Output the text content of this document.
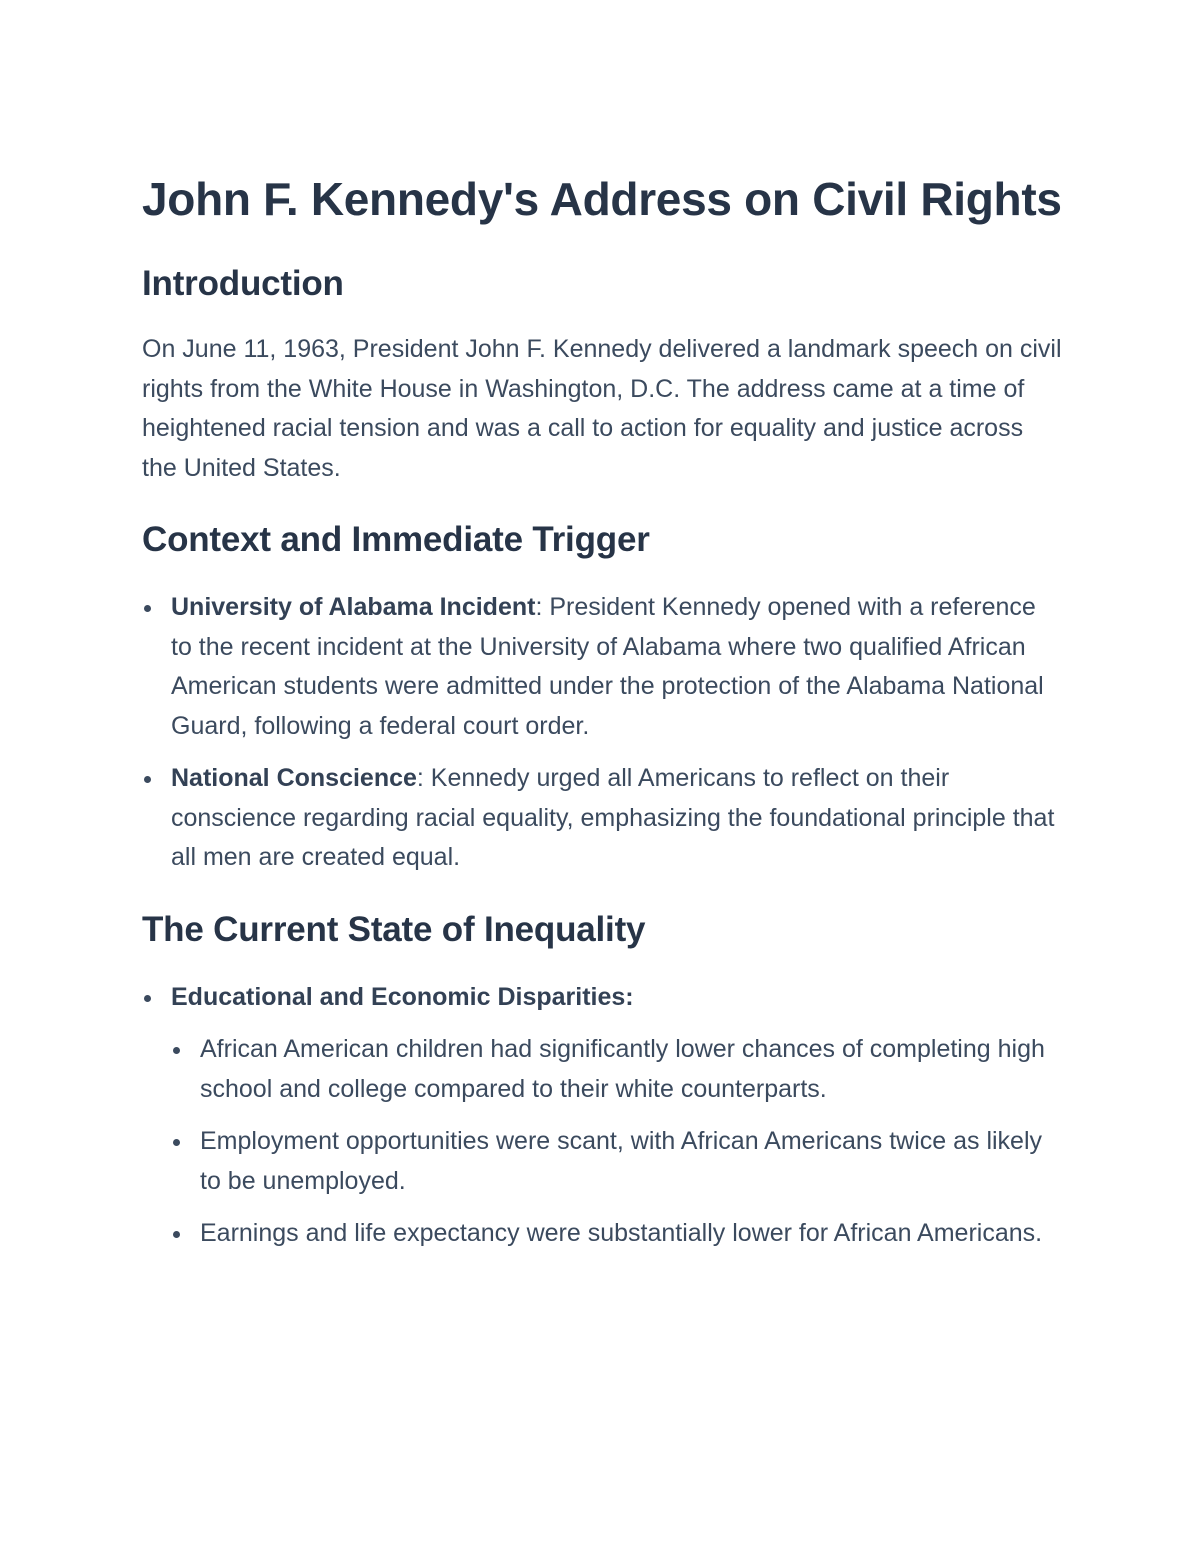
John F. Kennedy's Address on Civil Rights
Introduction

On June 11, 1963, President John F. Kennedy delivered a landmark speech on civil rights from the White House in Washington, D.C. The address came at a time of heightened racial tension and was a call to action for equality and justice across the United States.

Context and Immediate Trigger
University of Alabama Incident: President Kennedy opened with a reference to the recent incident at the University of Alabama where two qualified African American students were admitted under the protection of the Alabama National Guard, following a federal court order.
National Conscience: Kennedy urged all Americans to reflect on their conscience regarding racial equality, emphasizing the foundational principle that all men are created equal.
The Current State of Inequality
Educational and Economic Disparities:
African American children had significantly lower chances of completing high school and college compared to their white counterparts.
Employment opportunities were scant, with African Americans twice as likely to be unemployed.
Earnings and life expectancy were substantially lower for African Americans.
